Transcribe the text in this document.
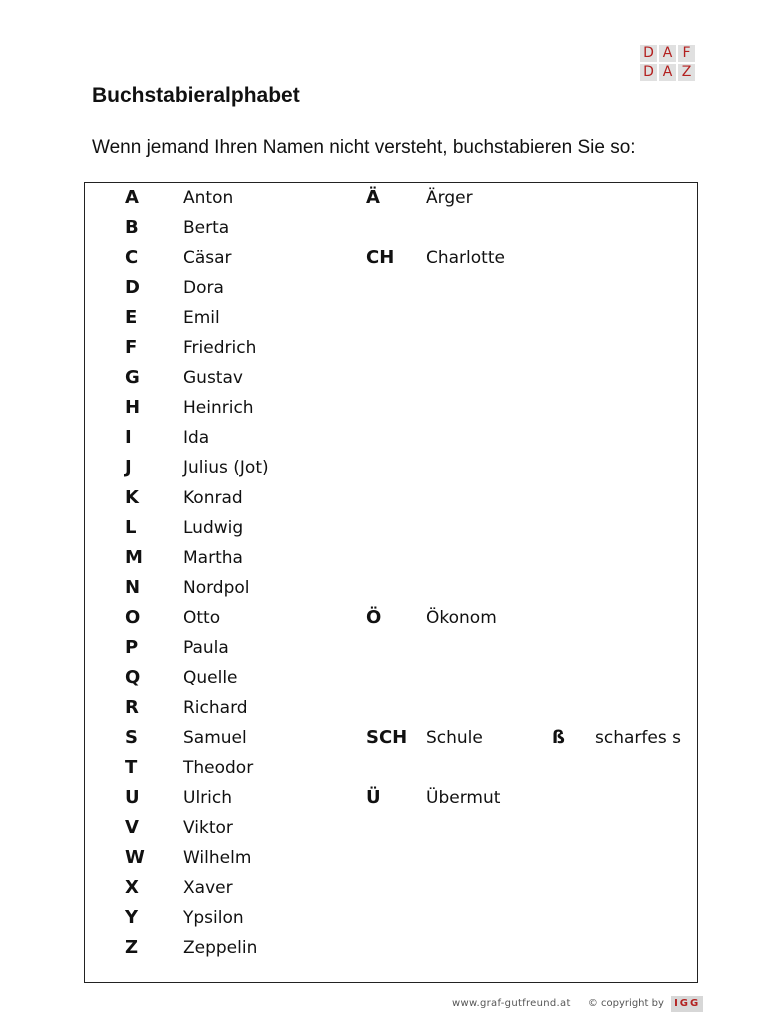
D A F
D A Z
Buchstabieralphabet

Wenn jemand Ihren Namen nicht versteht, buchstabieren Sie so:

A	Anton
B	Berta
C	Cäsar
D	Dora
E	Emil
F	Friedrich
G	Gustav
H	Heinrich
I	Ida
J	Julius (Jot)
K	Konrad
L	Ludwig
M Martha
N	Nordpol
O	Otto
P	Paula
Q	Quelle
R	Richard
S	Samuel
T	Theodor
U	Ulrich
V	Viktor
W Wilhelm
X	Xaver
Y	Ypsilon
Z	Zeppelin
Ä	Ärger
CH Charlotte
Ö	Ökonom
SCH Schule
Ü	Übermut
ß scharfes s
www.graf-gutfreund.at © copyright by IGG
